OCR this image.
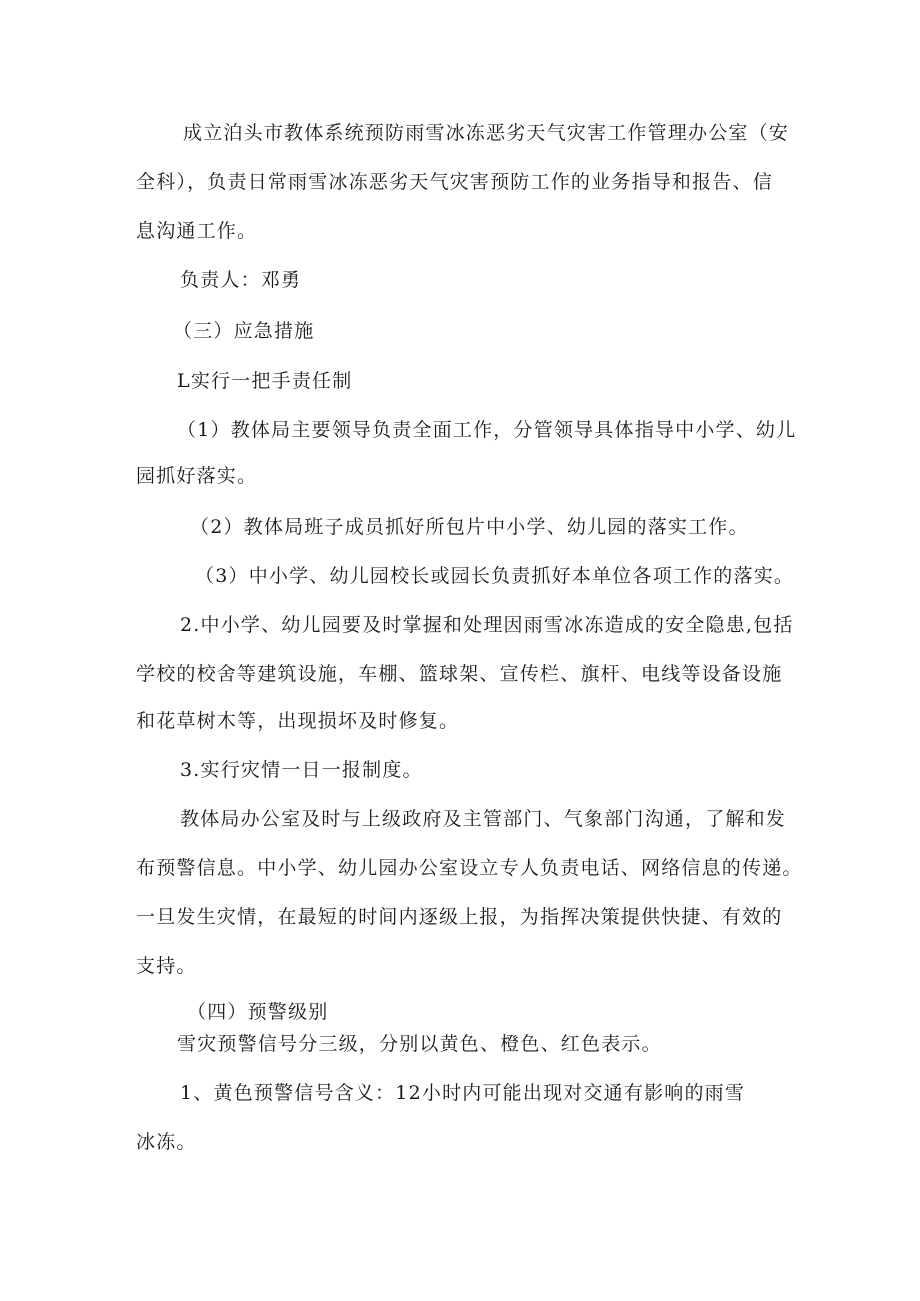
成立泊头市教体系统预防雨雪冰冻恶劣天气灾害工作管理办公室（安
全科），负责日常雨雪冰冻恶劣天气灾害预防工作的业务指导和报告、信
息沟通工作。
负责人：邓勇
（三）应急措施
L实行一把手责任制
（1）教体局主要领导负责全面工作，分管领导具体指导中小学、幼儿
园抓好落实。
（2）教体局班子成员抓好所包片中小学、幼儿园的落实工作。
（3）中小学、幼儿园校长或园长负责抓好本单位各项工作的落实。
2.中小学、幼儿园要及时掌握和处理因雨雪冰冻造成的安全隐患,包括
学校的校舍等建筑设施，车棚、篮球架、宣传栏、旗杆、电线等设备设施
和花草树木等，出现损坏及时修复。
3.实行灾情一日一报制度。
教体局办公室及时与上级政府及主管部门、气象部门沟通，了解和发
布预警信息。中小学、幼儿园办公室设立专人负责电话、网络信息的传递。
一旦发生灾情，在最短的时间内逐级上报，为指挥决策提供快捷、有效的
支持。
（四）预警级别
雪灾预警信号分三级，分别以黄色、橙色、红色表示。
1、黄色预警信号含义：12小时内可能出现对交通有影响的雨雪
冰冻。
